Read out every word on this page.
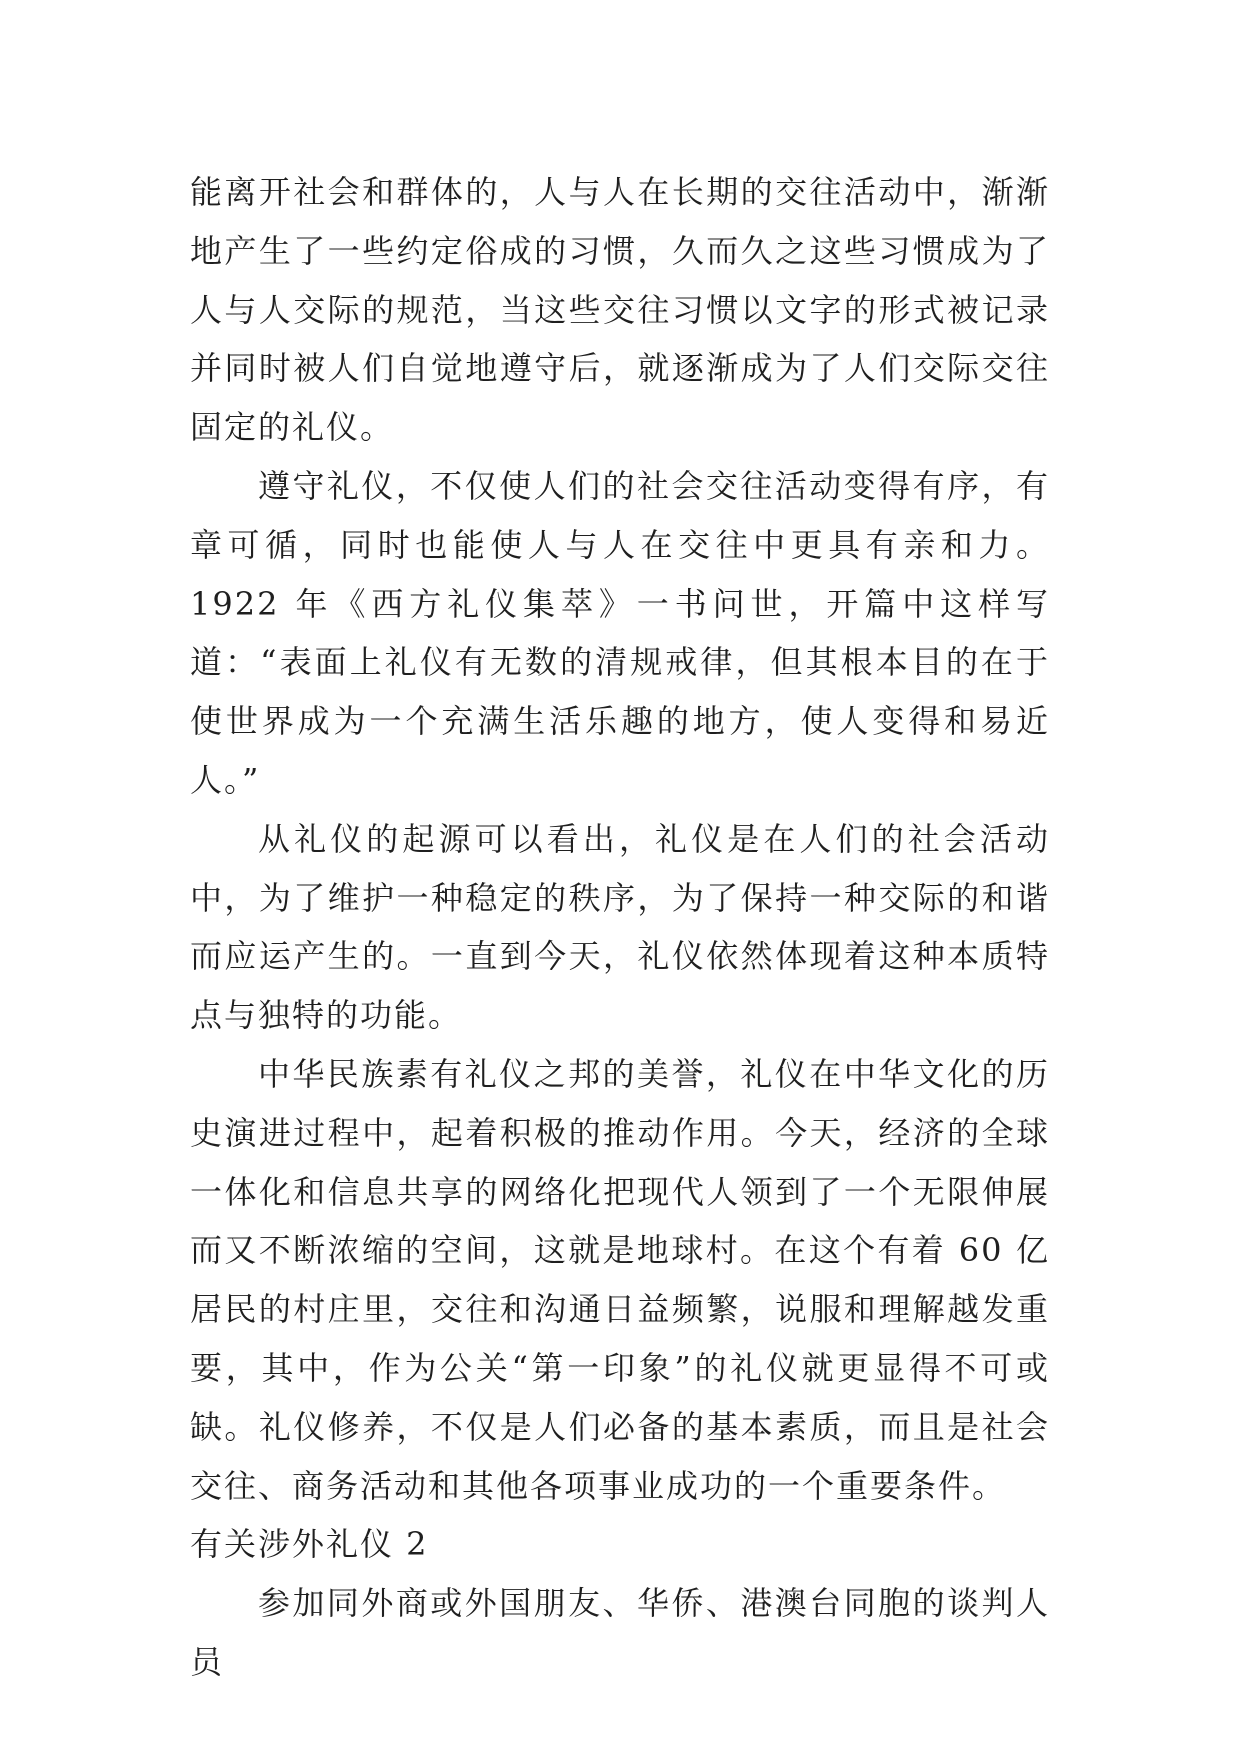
能离开社会和群体的，人与人在长期的交往活动中，渐渐地产生了一些约定俗成的习惯，久而久之这些习惯成为了人与人交际的规范，当这些交往习惯以文字的形式被记录并同时被人们自觉地遵守后，就逐渐成为了人们交际交往固定的礼仪。

遵守礼仪，不仅使人们的社会交往活动变得有序，有章可循，同时也能使人与人在交往中更具有亲和力。1922 年《西方礼仪集萃》一书问世，开篇中这样写道：“表面上礼仪有无数的清规戒律，但其根本目的在于使世界成为一个充满生活乐趣的地方，使人变得和易近人。”

从礼仪的起源可以看出，礼仪是在人们的社会活动中，为了维护一种稳定的秩序，为了保持一种交际的和谐而应运产生的。一直到今天，礼仪依然体现着这种本质特点与独特的功能。

中华民族素有礼仪之邦的美誉，礼仪在中华文化的历史演进过程中，起着积极的推动作用。今天，经济的全球一体化和信息共享的网络化把现代人领到了一个无限伸展而又不断浓缩的空间，这就是地球村。在这个有着 60 亿居民的村庄里，交往和沟通日益频繁，说服和理解越发重要，其中，作为公关“第一印象”的礼仪就更显得不可或缺。礼仪修养，不仅是人们必备的基本素质，而且是社会交往、商务活动和其他各项事业成功的一个重要条件。

有关涉外礼仪 2

参加同外商或外国朋友、华侨、港澳台同胞的谈判人员
